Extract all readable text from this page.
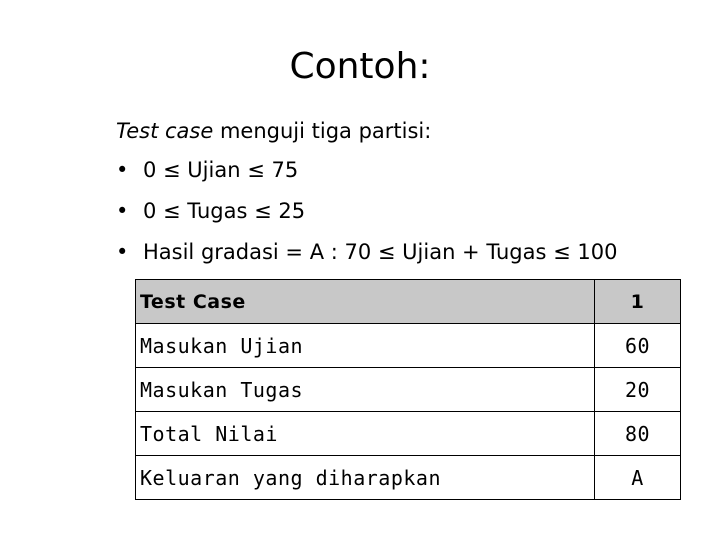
Contoh:
Test case menguji tiga partisi:
• 0 ≤ Ujian ≤ 75
• 0 ≤ Tugas ≤ 25
• Hasil gradasi = A : 70 ≤ Ujian + Tugas ≤ 100
Test Case	1
Masukan Ujian	60
Masukan Tugas	20
Total Nilai	80
Keluaran yang diharapkan	A
